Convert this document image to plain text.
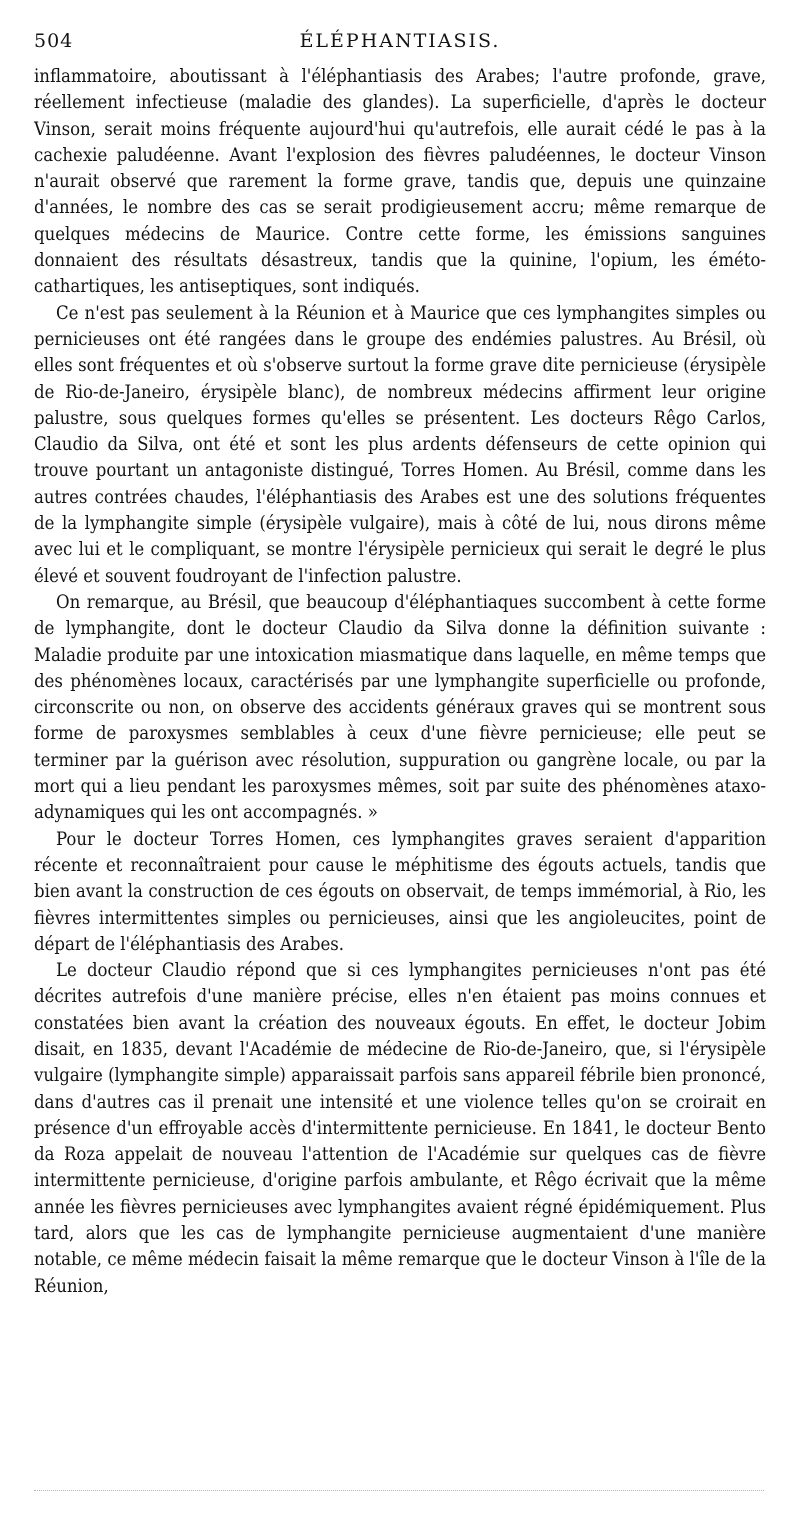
504	ÉLÉPHANTIASIS.

inflammatoire, aboutissant à l'éléphantiasis des Arabes; l'autre profonde, grave, réellement infectieuse (maladie des glandes). La superficielle, d'après le docteur Vinson, serait moins fréquente aujourd'hui qu'autrefois, elle aurait cédé le pas à la cachexie paludéenne. Avant l'explosion des fièvres paludéennes, le docteur Vinson n'aurait observé que rarement la forme grave, tandis que, depuis une quinzaine d'années, le nombre des cas se serait prodigieusement accru; même remarque de quelques médecins de Maurice. Contre cette forme, les émissions sanguines donnaient des résultats désastreux, tandis que la quinine, l'opium, les éméto-cathartiques, les antiseptiques, sont indiqués.

Ce n'est pas seulement à la Réunion et à Maurice que ces lymphangites simples ou pernicieuses ont été rangées dans le groupe des endémies palustres. Au Brésil, où elles sont fréquentes et où s'observe surtout la forme grave dite pernicieuse (érysipèle de Rio-de-Janeiro, érysipèle blanc), de nombreux médecins affirment leur origine palustre, sous quelques formes qu'elles se présentent. Les docteurs Rêgo Carlos, Claudio da Silva, ont été et sont les plus ardents défenseurs de cette opinion qui trouve pourtant un antagoniste distingué, Torres Homen. Au Brésil, comme dans les autres contrées chaudes, l'éléphantiasis des Arabes est une des solutions fréquentes de la lymphangite simple (érysipèle vulgaire), mais à côté de lui, nous dirons même avec lui et le compliquant, se montre l'érysipèle pernicieux qui serait le degré le plus élevé et souvent foudroyant de l'infection palustre.

On remarque, au Brésil, que beaucoup d'éléphantiaques succombent à cette forme de lymphangite, dont le docteur Claudio da Silva donne la définition suivante : Maladie produite par une intoxication miasmatique dans laquelle, en même temps que des phénomènes locaux, caractérisés par une lymphangite superficielle ou profonde, circonscrite ou non, on observe des accidents généraux graves qui se montrent sous forme de paroxysmes semblables à ceux d'une fièvre pernicieuse; elle peut se terminer par la guérison avec résolution, suppuration ou gangrène locale, ou par la mort qui a lieu pendant les paroxysmes mêmes, soit par suite des phénomènes ataxo-adynamiques qui les ont accompagnés. »

Pour le docteur Torres Homen, ces lymphangites graves seraient d'apparition récente et reconnaîtraient pour cause le méphitisme des égouts actuels, tandis que bien avant la construction de ces égouts on observait, de temps immémorial, à Rio, les fièvres intermittentes simples ou pernicieuses, ainsi que les angioleucites, point de départ de l'éléphantiasis des Arabes.

Le docteur Claudio répond que si ces lymphangites pernicieuses n'ont pas été décrites autrefois d'une manière précise, elles n'en étaient pas moins connues et constatées bien avant la création des nouveaux égouts. En effet, le docteur Jobim disait, en 1835, devant l'Académie de médecine de Rio-de-Janeiro, que, si l'érysipèle vulgaire (lymphangite simple) apparaissait parfois sans appareil fébrile bien prononcé, dans d'autres cas il prenait une intensité et une violence telles qu'on se croirait en présence d'un effroyable accès d'intermittente pernicieuse. En 1841, le docteur Bento da Roza appelait de nouveau l'attention de l'Académie sur quelques cas de fièvre intermittente pernicieuse, d'origine parfois ambulante, et Rêgo écrivait que la même année les fièvres pernicieuses avec lymphangites avaient régné épidémiquement. Plus tard, alors que les cas de lymphangite pernicieuse augmentaient d'une manière notable, ce même médecin faisait la même remarque que le docteur Vinson à l'île de la Réunion,
